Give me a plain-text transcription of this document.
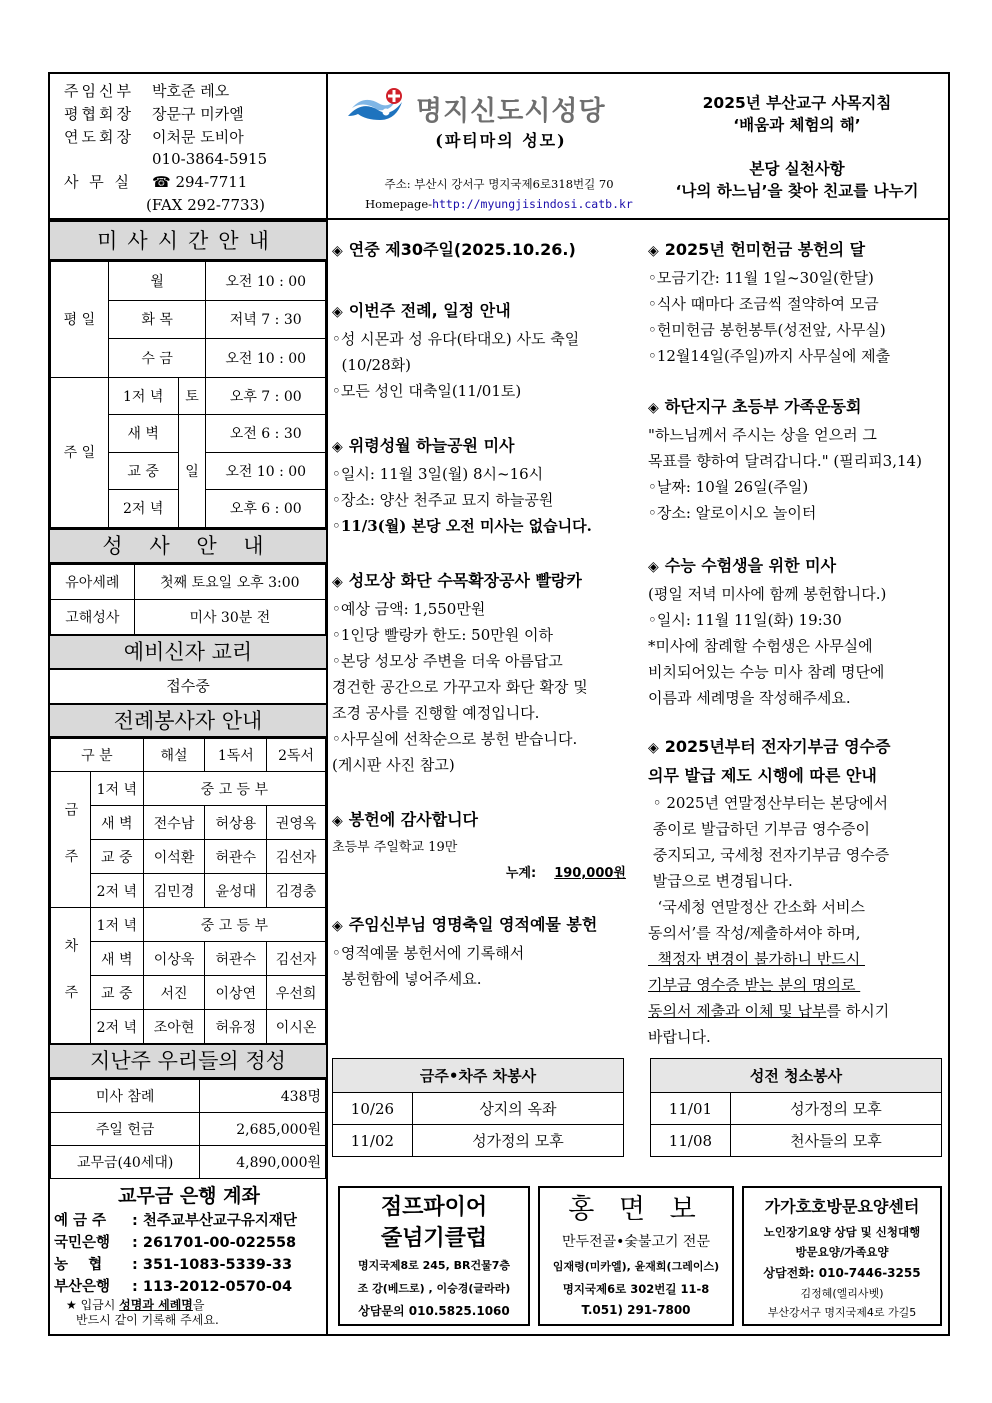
주임신부	박호준 레오
평협회장	장문구 미카엘
연도회장	이처문 도비아
010-3864-5915
사 무 실	☎ 294-7711
(FAX 292-7733)
명지신도시성당
(파티마의 성모)
주소: 부산시 강서구 명지국제6로318번길 70
Homepage-http://myungjisindosi.catb.kr
2025년 부산교구 사목지침
‘배움과 체험의 해’
본당 실천사항
‘나의 하느님’을 찾아 친교를 나누기
미사시간안내
평 일	월		오전 10 : 00
	화 목		저녁 7 : 30
	수 금		오전 10 : 00
주 일	1저 녁	토	오후 7 : 00
	새 벽	일	오전 6 : 30
	교 중		오전 10 : 00
	2저 녁		오후 6 : 00
성 사 안 내
유아세례	첫째 토요일 오후 3:00
고해성사	미사 30분 전
예비신자 교리
접수중
전례봉사자 안내
구 분		해설	1독서	2독서
금 주	1저 녁	중 고 등 부		
	새 벽	전수남	허상용	권영옥
	교 중	이석환	허관수	김선자
	2저 녁	김민경	윤성대	김경충
차 주	1저 녁	중 고 등 부		
	새 벽	이상욱	허관수	김선자
	교 중	서진	이상연	우선희
	2저 녁	조아현	허유정	이시온
지난주 우리들의 정성
미사 참례	438명
주일 헌금	2,685,000원
교무금(40세대)	4,890,000원
교무금 은행 계좌
예 금 주 : 천주교부산교구유지재단
국민은행 : 261701-00-022558
농    협 : 351-1083-5339-33
부산은행 : 113-2012-0570-04
★ 입금시 성명과 세례명을
반드시 같이 기록해 주세요.
◈ 연중 제30주일(2025.10.26.)
◈ 이번주 전례, 일정 안내
◦성 시몬과 성 유다(타대오) 사도 축일
(10/28화)
◦모든 성인 대축일(11/01토)
◈ 위령성월 하늘공원 미사
◦일시: 11월 3일(월) 8시~16시
◦장소: 양산 천주교 묘지 하늘공원
◦11/3(월) 본당 오전 미사는 없습니다.
◈ 성모상 화단 수목확장공사 빨랑카
◦예상 금액: 1,550만원
◦1인당 빨랑카 한도: 50만원 이하
◦본당 성모상 주변을 더욱 아름답고
경건한 공간으로 가꾸고자 화단 확장 및
조경 공사를 진행할 예정입니다.
◦사무실에 선착순으로 봉헌 받습니다.
(게시판 사진 참고)
◈ 봉헌에 감사합니다
초등부 주일학교 19만
누계: 190,000원
◈ 주임신부님 영명축일 영적예물 봉헌
◦영적예물 봉헌서에 기록해서
봉헌함에 넣어주세요.
◈ 2025년 헌미헌금 봉헌의 달
◦모금기간: 11월 1일~30일(한달)
◦식사 때마다 조금씩 절약하여 모금
◦헌미헌금 봉헌봉투(성전앞, 사무실)
◦12월14일(주일)까지 사무실에 제출
◈ 하단지구 초등부 가족운동회
"하느님께서 주시는 상을 얻으러 그
목표를 향하여 달려갑니다." (필리피3,14)
◦날짜: 10월 26일(주일)
◦장소: 알로이시오 놀이터
◈ 수능 수험생을 위한 미사
(평일 저녁 미사에 함께 봉헌합니다.)
◦일시: 11월 11일(화) 19:30
*미사에 참례할 수험생은 사무실에
비치되어있는 수능 미사 참례 명단에
이름과 세례명을 작성해주세요.
◈ 2025년부터 전자기부금 영수증
의무 발급 제도 시행에 따른 안내
◦ 2025년 연말정산부터는 본당에서
종이로 발급하던 기부금 영수증이
중지되고, 국세청 전자기부금 영수증
발급으로 변경됩니다.
‘국세청 연말정산 간소화 서비스
동의서’를 작성/제출하셔야 하며,
책정자 변경이 불가하니 반드시
기부금 영수증 받는 분의 명의로
동의서 제출과 이체 및 납부를 하시기
바랍니다.
금주•차주 차봉사	
10/26	상지의 옥좌
11/02	성가정의 모후
성전 청소봉사	
11/01	성가정의 모후
11/08	천사들의 모후
점프파이어
줄넘기클럽
명지국제8로 245, BR건물7층
조 강(베드로) , 이승경(글라라)
상담문의 010.5825.1060
홍 면 보
만두전골•숯불고기 전문
임재령(미카엘), 윤재희(그레이스)
명지국제6로 302번길 11-8
T.051) 291-7800
가가호호방문요양센터
노인장기요양 상담 및 신청대행
방문요양/가족요양
상담전화: 010-7446-3255
김정혜(엘리사벳)
부산강서구 명지국제4로 가길5
